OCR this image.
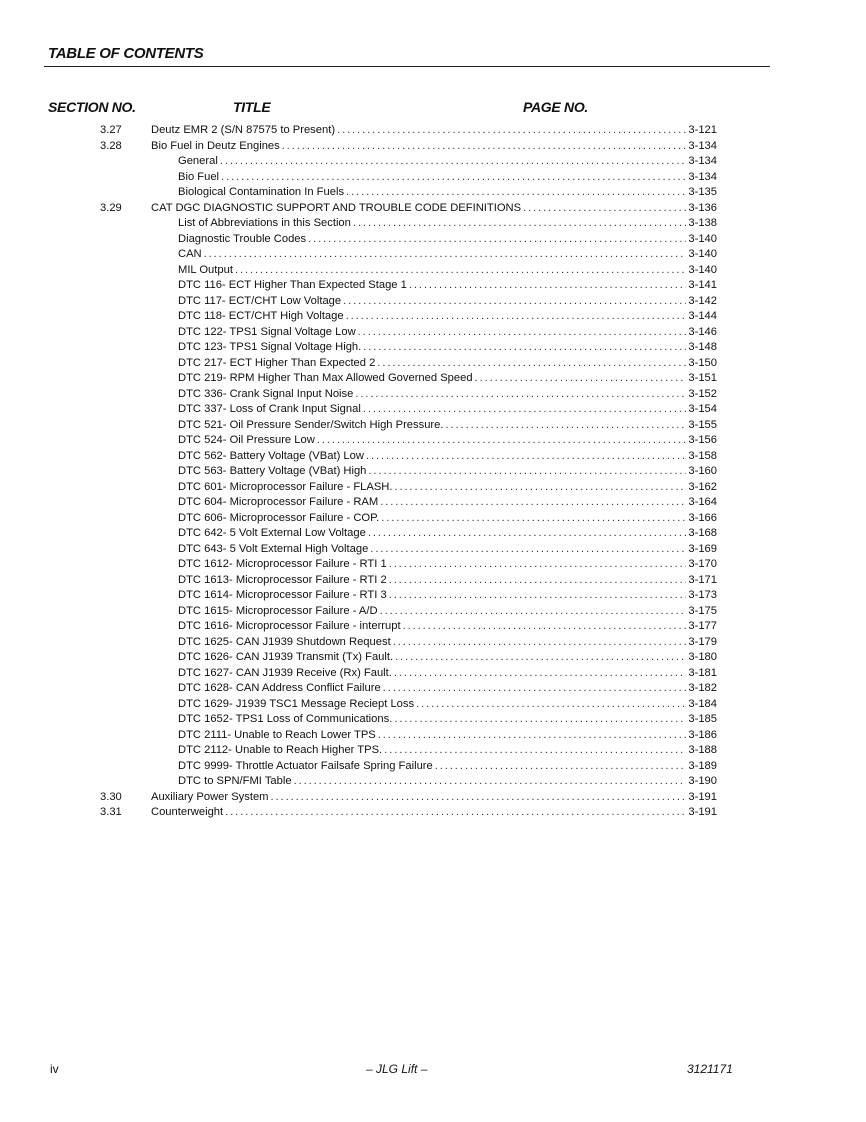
TABLE OF CONTENTS
SECTION NO.	TITLE	PAGE NO.
3.27	Deutz EMR 2 (S/N 87575 to Present) . . .	3-121
3.28	Bio Fuel in Deutz Engines . . .	3-134
General . . .	3-134
Bio Fuel . . .	3-134
Biological Contamination In Fuels . . .	3-135
3.29	CAT DGC DIAGNOSTIC SUPPORT AND TROUBLE CODE DEFINITIONS . . .	3-136
List of Abbreviations in this Section . . .	3-138
Diagnostic Trouble Codes . . .	3-140
CAN . . .	3-140
MIL Output . . .	3-140
DTC 116- ECT Higher Than Expected Stage 1 . . .	3-141
DTC 117- ECT/CHT Low Voltage . . .	3-142
DTC 118- ECT/CHT High Voltage . . .	3-144
DTC 122- TPS1 Signal Voltage Low . . .	3-146
DTC 123- TPS1 Signal Voltage High. . . .	3-148
DTC 217- ECT Higher Than Expected 2 . . .	3-150
DTC 219- RPM Higher Than Max Allowed Governed Speed . . .	3-151
DTC 336- Crank Signal Input Noise . . .	3-152
DTC 337- Loss of Crank Input Signal . . .	3-154
DTC 521- Oil Pressure Sender/Switch High Pressure. . . .	3-155
DTC 524- Oil Pressure Low . . .	3-156
DTC 562- Battery Voltage (VBat) Low . . .	3-158
DTC 563- Battery Voltage (VBat) High . . .	3-160
DTC 601- Microprocessor Failure - FLASH. . . .	3-162
DTC 604- Microprocessor Failure - RAM . . .	3-164
DTC 606- Microprocessor Failure - COP. . . .	3-166
DTC 642- 5 Volt External Low Voltage . . .	3-168
DTC 643- 5 Volt External High Voltage . . .	3-169
DTC 1612- Microprocessor Failure - RTI 1 . . .	3-170
DTC 1613- Microprocessor Failure - RTI 2 . . .	3-171
DTC 1614- Microprocessor Failure - RTI 3 . . .	3-173
DTC 1615- Microprocessor Failure - A/D . . .	3-175
DTC 1616- Microprocessor Failure - interrupt . . .	3-177
DTC 1625- CAN J1939 Shutdown Request . . .	3-179
DTC 1626- CAN J1939 Transmit (Tx) Fault. . . .	3-180
DTC 1627- CAN J1939 Receive (Rx) Fault. . . .	3-181
DTC 1628- CAN Address Conflict Failure . . .	3-182
DTC 1629- J1939 TSC1 Message Reciept Loss . . .	3-184
DTC 1652- TPS1 Loss of Communications. . . .	3-185
DTC 2111- Unable to Reach Lower TPS . . .	3-186
DTC 2112- Unable to Reach Higher TPS. . . .	3-188
DTC 9999- Throttle Actuator Failsafe Spring Failure . . .	3-189
DTC to SPN/FMI Table . . .	3-190
3.30	Auxiliary Power System . . .	3-191
3.31	Counterweight . . .	3-191
iv	– JLG Lift –	3121171
